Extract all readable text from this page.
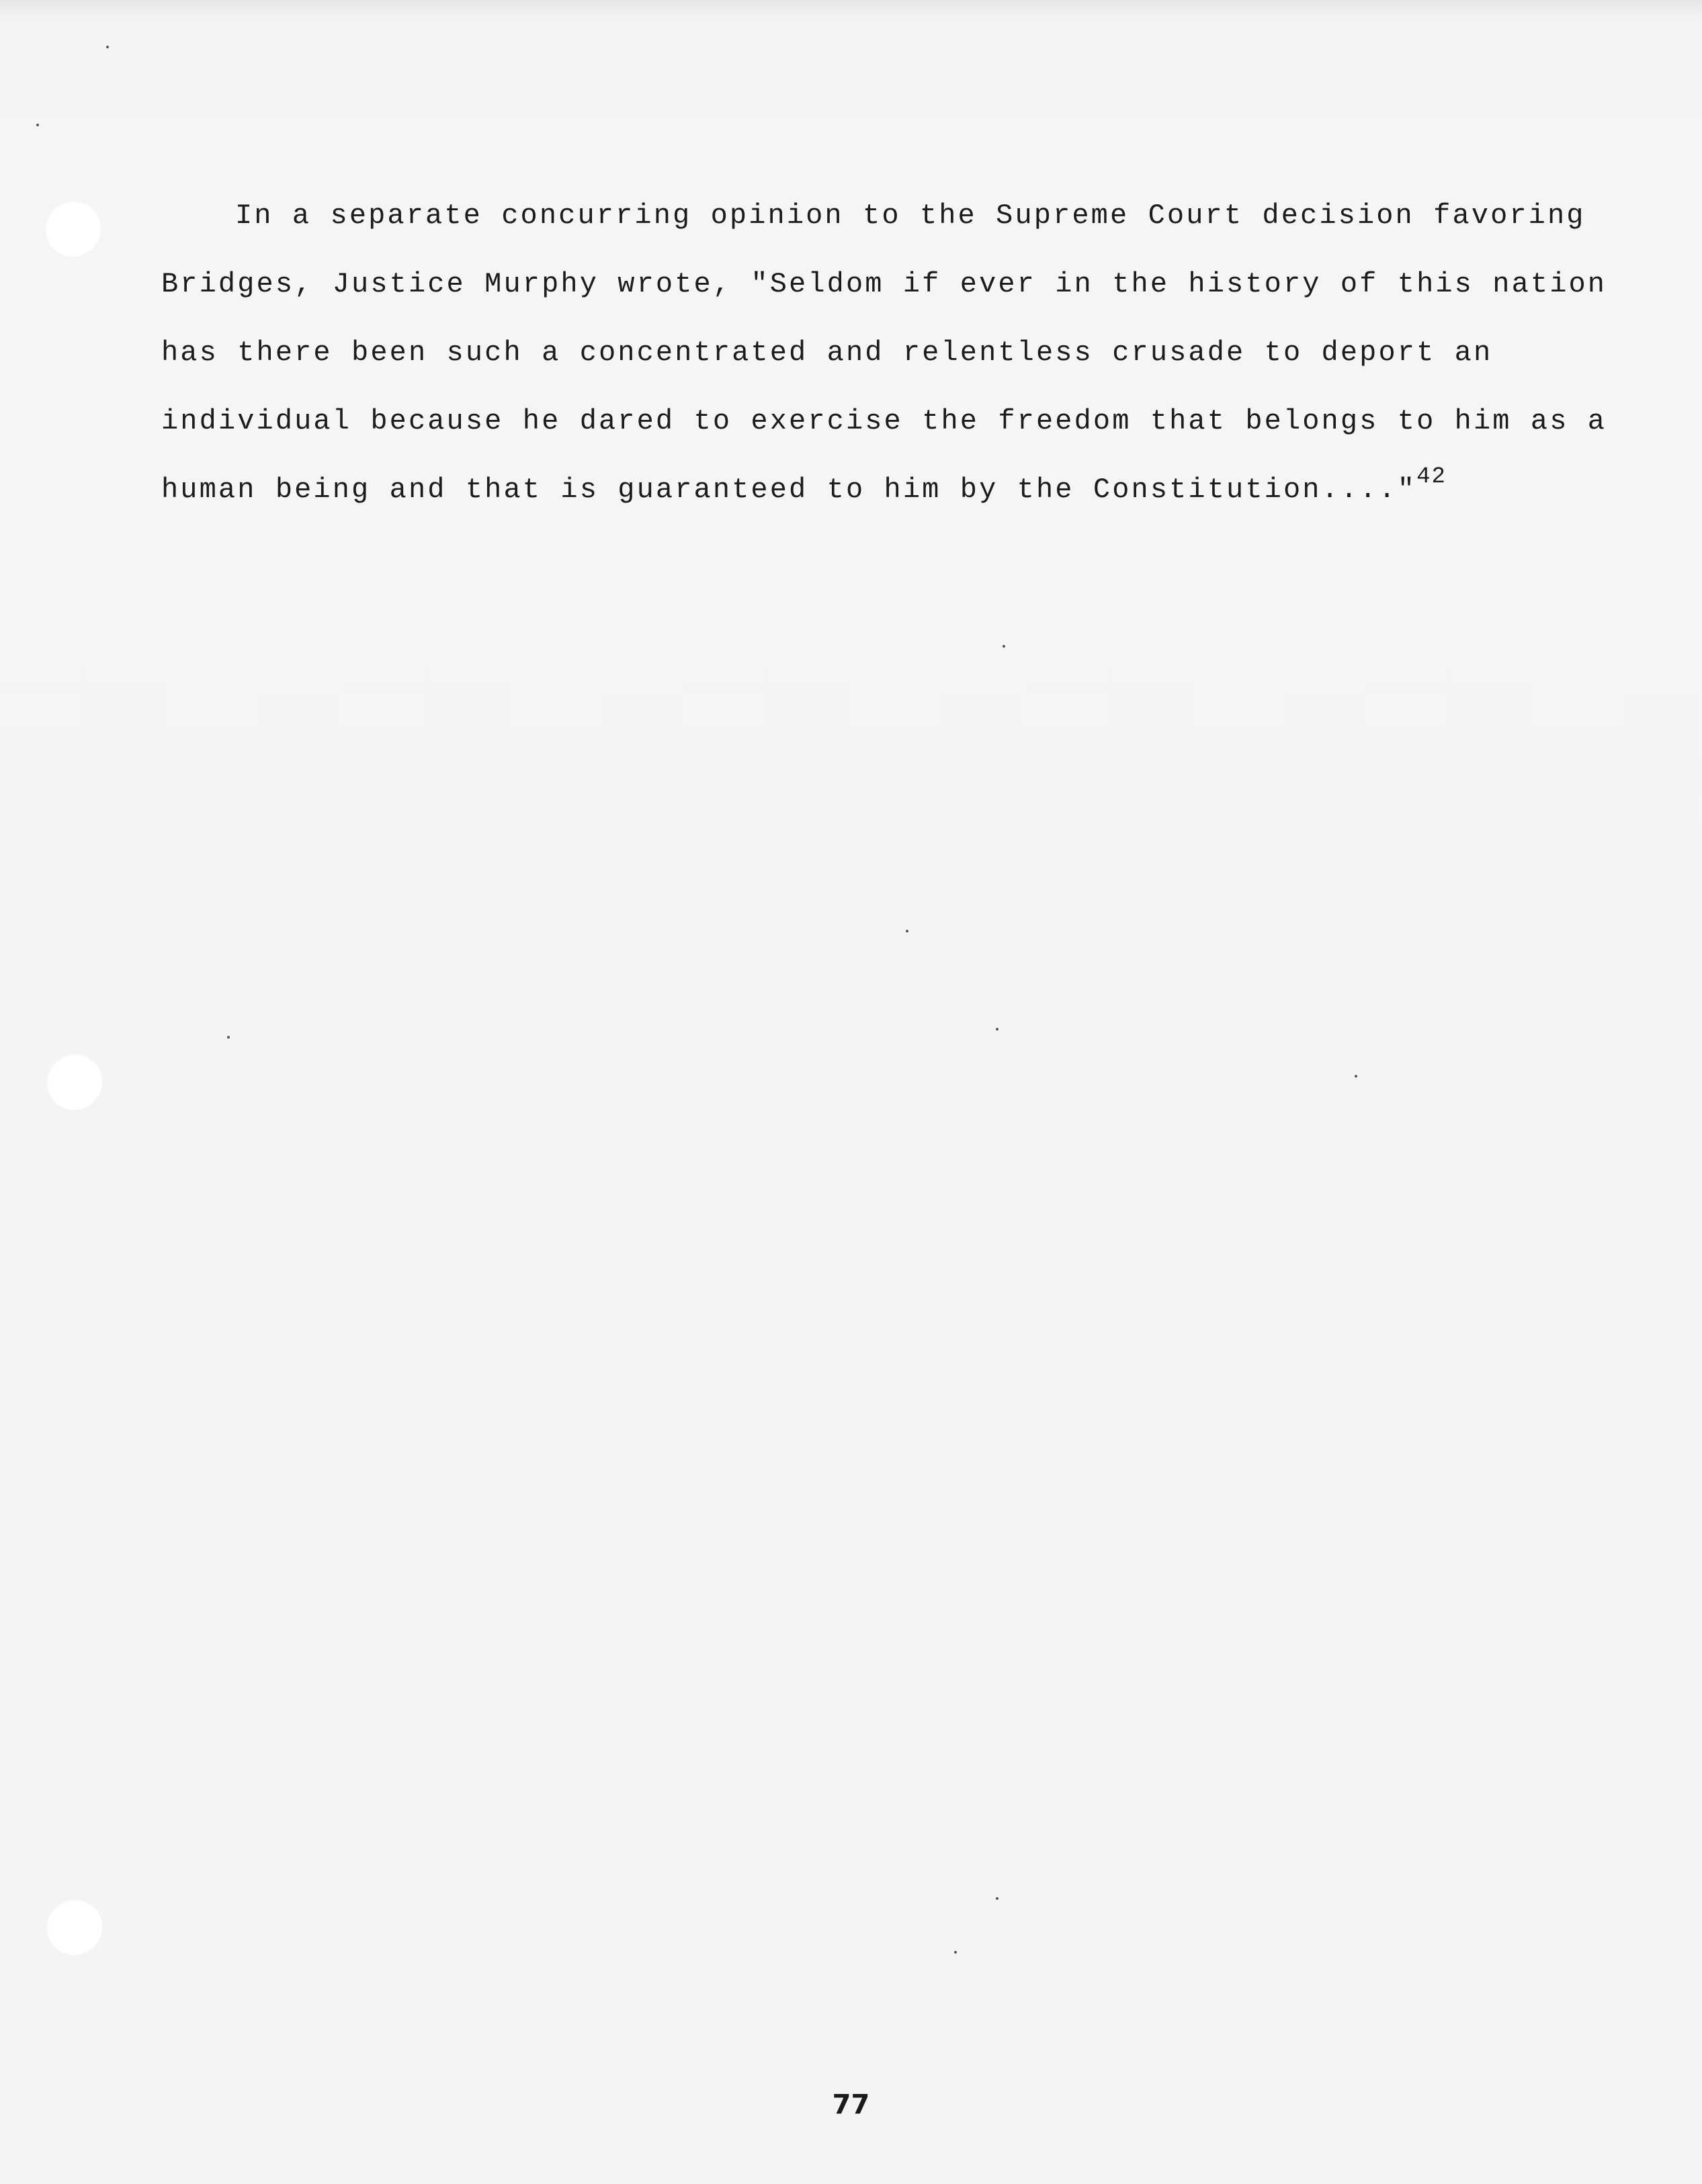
In a separate concurring opinion to the Supreme Court decision favoring
Bridges, Justice Murphy wrote, "Seldom if ever in the history of this nation
has there been such a concentrated and relentless crusade to deport an
individual because he dared to exercise the freedom that belongs to him as a
human being and that is guaranteed to him by the Constitution...."$^{42}$
77
